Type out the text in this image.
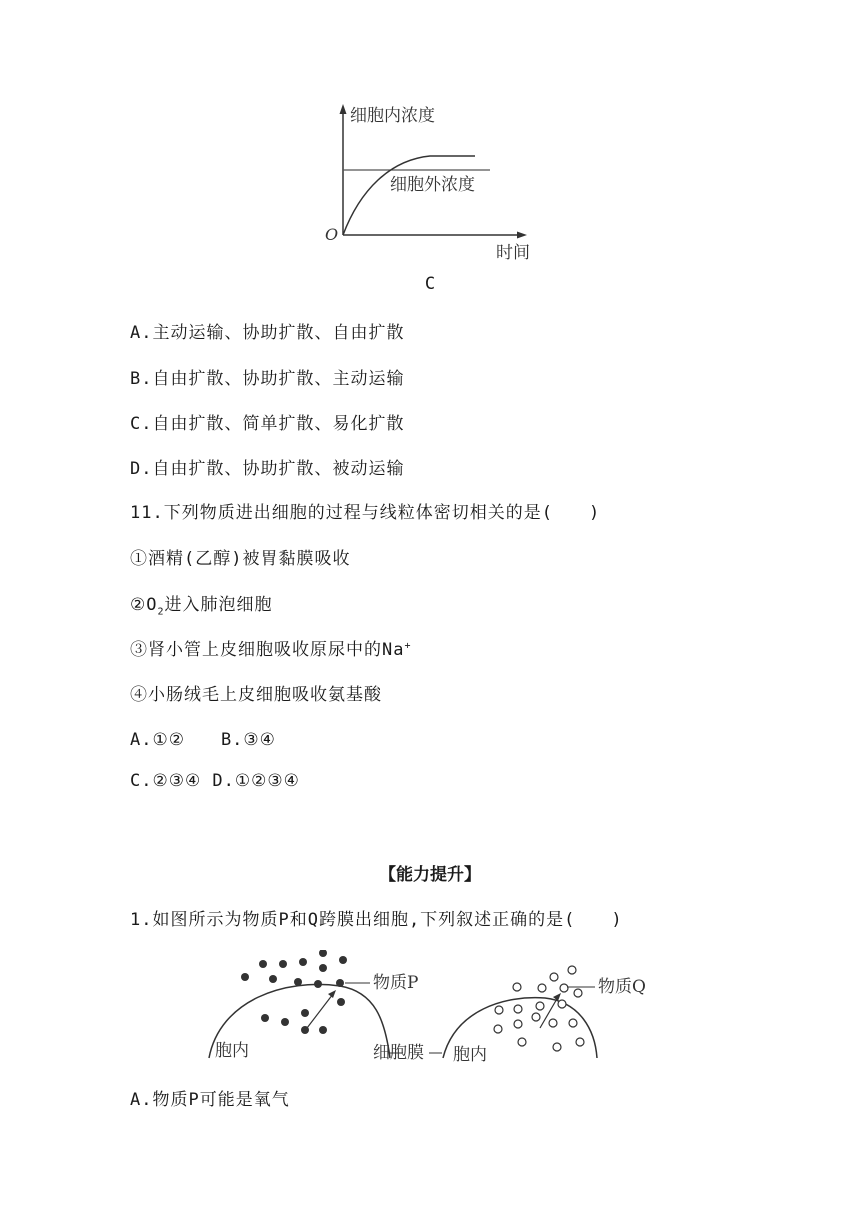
细胞内浓度
细胞外浓度
O
时间
C
A.主动运输、协助扩散、自由扩散
B.自由扩散、协助扩散、主动运输
C.自由扩散、简单扩散、易化扩散
D.自由扩散、协助扩散、被动运输
11.下列物质进出细胞的过程与线粒体密切相关的是(　　)
①酒精(乙醇)被胃黏膜吸收
$②O_2$进入肺泡细胞
③肾小管上皮细胞吸收原尿中的Na+
④小肠绒毛上皮细胞吸收氨基酸
A.①②　　B.③④
C.②③④ D.①②③④
【能力提升】
1.如图所示为物质P和Q跨膜出细胞,下列叙述正确的是(　　)
物质P	物质Q
胞内	细胞膜 胞内
A.物质P可能是氧气
